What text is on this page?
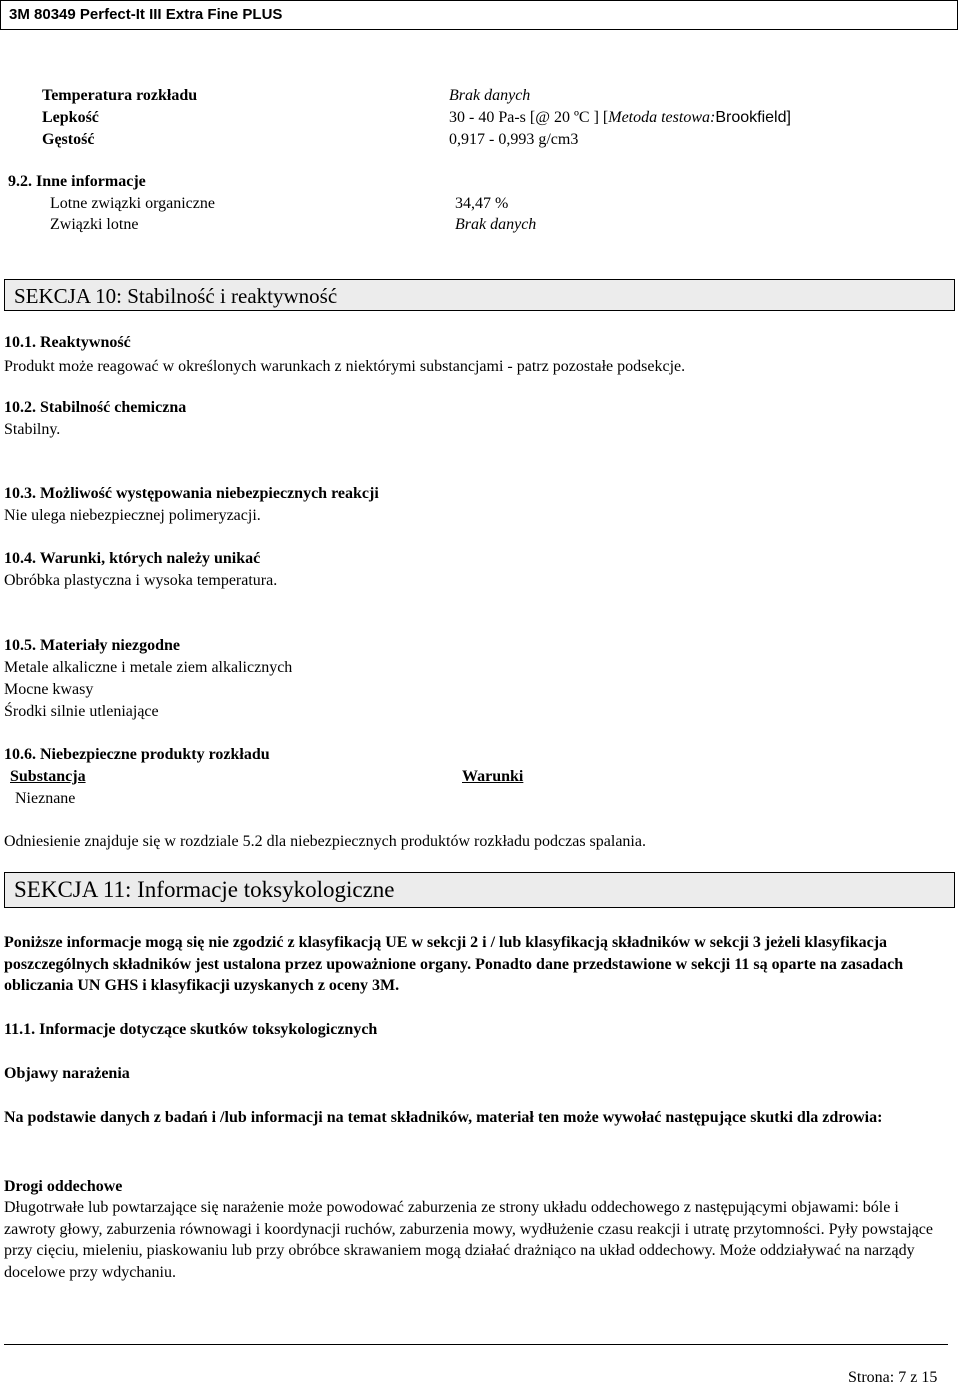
3M 80349 Perfect-It III Extra Fine PLUS
Temperatura rozkładu	Brak danych
Lepkość	30 - 40 Pa-s [@ 20 ºC ] [Metoda testowa:Brookfield]
Gęstość	0,917 - 0,993 g/cm3
9.2. Inne informacje
Lotne związki organiczne	34,47 %
Związki lotne	Brak danych
SEKCJA 10: Stabilność i reaktywność
10.1. Reaktywność
Produkt może reagować w określonych warunkach z niektórymi substancjami - patrz pozostałe podsekcje.
10.2. Stabilność chemiczna
Stabilny.
10.3. Możliwość występowania niebezpiecznych reakcji
Nie ulega niebezpiecznej polimeryzacji.
10.4. Warunki, których należy unikać
Obróbka plastyczna i wysoka temperatura.
10.5. Materiały niezgodne
Metale alkaliczne i metale ziem alkalicznych
Mocne kwasy
Środki silnie utleniające
10.6. Niebezpieczne produkty rozkładu
Substancja	Warunki
Nieznane
Odniesienie znajduje się w rozdziale 5.2 dla niebezpiecznych produktów rozkładu podczas spalania.
SEKCJA 11: Informacje toksykologiczne
Poniższe informacje mogą się nie zgodzić z klasyfikacją UE w sekcji 2 i / lub klasyfikacją składników w sekcji 3 jeżeli klasyfikacja poszczególnych składników jest ustalona przez upoważnione organy. Ponadto dane przedstawione w sekcji 11 są oparte na zasadach obliczania UN GHS i klasyfikacji uzyskanych z oceny 3M.
11.1. Informacje dotyczące skutków toksykologicznych
Objawy narażenia
Na podstawie danych z badań i /lub informacji na temat składników, materiał ten może wywołać następujące skutki dla zdrowia:
Drogi oddechowe
Długotrwałe lub powtarzające się narażenie może powodować zaburzenia ze strony układu oddechowego z następującymi objawami: bóle i zawroty głowy, zaburzenia równowagi i koordynacji ruchów, zaburzenia mowy, wydłużenie czasu reakcji i utratę przytomności. Pyły powstające przy cięciu, mieleniu, piaskowaniu lub przy obróbce skrawaniem mogą działać drażniąco na układ oddechowy. Może oddziaływać na narządy docelowe przy wdychaniu.
Strona: 7 z 15
